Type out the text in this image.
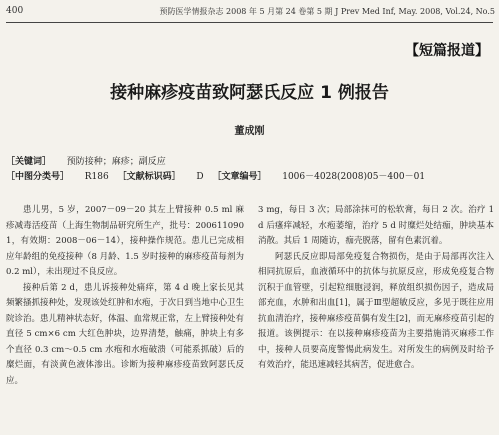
400	预防医学情报杂志 2008 年 5 月第 24 卷第 5 期 J Prev Med Inf, May. 2008, Vol.24, No.5
【短篇报道】
接种麻疹疫苗致阿瑟氏反应 1 例报告
董成刚
［关键词］ 预防接种；麻疹；副反应
［中图分类号］ R186 ［文献标识码］ D ［文章编号］ 1006－4028(2008)05－400－01

患儿男，5 岁，2007－09－20 其左上臂接种 0.5 ml 麻疹减毒活疫苗（上海生物制品研究所生产，批号：2006110901，有效期：2008－06－14），接种操作规范。患儿已完成相应年龄组的免疫接种（8 月龄、1.5 岁时接种的麻疹疫苗每剂为 0.2 ml），未出现过不良反应。

接种后第 2 d，患儿诉接种处痛痒，第 4 d 晚上家长见其频繁搔抓接种处，发现该处红肿和水疱，于次日到当地中心卫生院诊治。患儿精神状态好，体温、血常规正常，左上臂接种处有直径 5 cm×6 cm 大红色肿块，边界清楚，触痛，肿块上有多个直径 0.3 cm～0.5 cm 水疱和水疱破溃（可能系抓破）后的糜烂面，有淡黄色液体渗出。诊断为接种麻疹疫苗致阿瑟氏反应。

3 mg，每日 3 次；局部涂抹可的松软膏，每日 2 次。治疗 1 d 后瘙痒减轻，水疱萎缩，治疗 5 d 时糜烂处结痂，肿块基本消散。其后 1 周随访，痂壳脱落，留有色素沉着。

阿瑟氏反应即局部免疫复合物损伤，是由于局部再次注入相同抗原后，血液循环中的抗体与抗原反应，形成免疫复合物沉积于血管壁，引起粒细胞浸润，释放组织损伤因子，造成局部充血，水肿和出血[1]，属于Ⅲ型超敏反应，多见于既往应用抗血清治疗，接种麻疹疫苗偶有发生[2]，而无麻疹疫苗引起的报道。该例提示：在以接种麻疹疫苗为主要措施消灭麻疹工作中，接种人员要高度警惕此病发生。对所发生的病例及时给予有效治疗，能迅速减轻其病苦，促进愈合。
